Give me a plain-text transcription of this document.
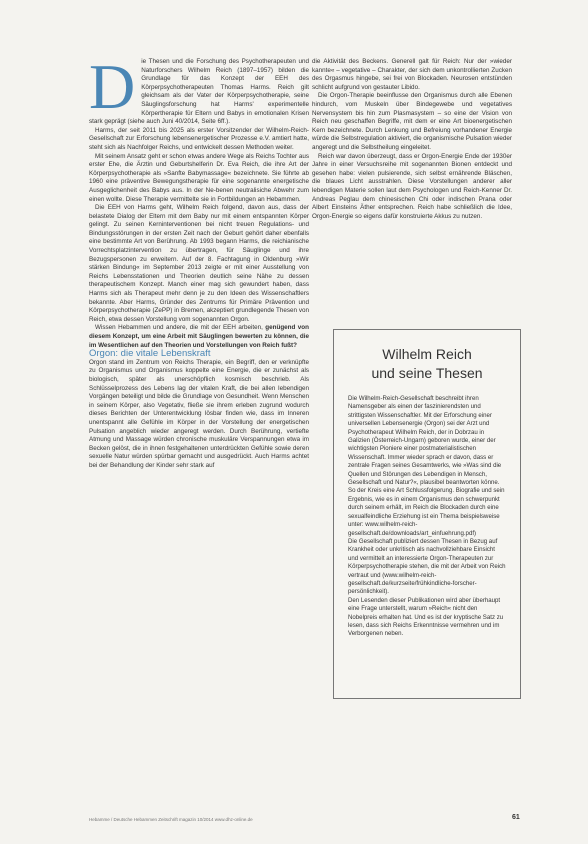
D ie Thesen und die Forschung des Psychotherapeuten und Naturforschers Wilhelm Reich (1897–1957) bilden die Grundlage für das Konzept der EEH des Körperpsychotherapeuten Thomas Harms. Reich gilt gleichsam als der Vater der Körperpsychotherapie, seine Säuglingsforschung hat Harms' experimentelle Körpertherapie für Eltern und Babys in emotionalen Krisen stark geprägt (siehe auch Juni 40/2014, Seite 6ff.).

Harms, der seit 2011 bis 2025 als erster Vorsitzender der Wilhelm-Reich-Gesellschaft zur Erforschung lebensenergetischer Prozesse e.V. amtiert hatte, steht sich als Nachfolger Reichs, und entwickelt dessen Methoden weiter.

Mit seinem Ansatz geht er schon etwas andere Wege als Reichs Tochter aus erster Ehe, die Ärztin und Geburtshelferin Dr. Eva Reich, die ihre Art der Körperpsychotherapie als »Sanfte Babymassage« bezeichnete. Sie führte ab 1960 eine präventive Bewegungstherapie für eine sogenannte energetische Ausgeglichenheit des Babys aus. In der Ne-benen neutralisiche Abwehr zum einen wollte. Diese Therapie vermittelte sie in Fortbildungen an Hebammen.

Die EEH von Harms geht, Wilhelm Reich folgend, davon aus, dass der belastete Dialog der Eltern mit dem Baby nur mit einem entspannten Körper gelingt. Zu seinen Kerninterventionen bei nicht treuen Regulations- und Bindungsstörungen in der ersten Zeit nach der Geburt gehört daher ebenfalls eine bestimmte Art von Berührung. Ab 1993 begann Harms, die reichianische Vorrechtsplatzintervention zu übertragen, für Säuglinge und ihre Bezugspersonen zu erweitern. Auf der 8. Fachtagung in Oldenburg »Wir stärken Bindung« im September 2013 zeigte er mit einer Ausstellung von Reichs Lebensstationen und Theorien deutlich seine Nähe zu dessen therapeutischem Konzept. Manch einer mag sich gewundert haben, dass Harms sich als Therapeut mehr denn je zu den Ideen des Wissenschaftlers bekannte. Aber Harms, Gründer des Zentrums für Primäre Prävention und Körperpsychotherapie (ZePP) in Bremen, akzeptiert grundlegende Thesen von Reich, etwa dessen Vorstellung vom sogenannten Orgon.

Wissen Hebammen und andere, die mit der EEH arbeiten, genügend von diesem Konzept, um eine Arbeit mit Säuglingen bewerten zu können, die im Wesentlichen auf den Theorien und Vorstellungen von Reich fußt?

Orgon: die vitale Lebenskraft

Orgon stand im Zentrum von Reichs Therapie, ein Begriff, den er verknüpfte zu Organismus und Organismus koppelte eine Energie, die er zunächst als biologisch, später als unerschöpflich kosmisch beschrieb. Als Schlüsselprozess des Lebens lag der vitalen Kraft, die bei allen lebendigen Vorgängen beteiligt und bilde die Grundlage von Gesundheit. Wenn Menschen in seinem Körper, also Vegetativ, fließe sie ihrem erleben zugrund wodurch dieses Berichten der Unterentwicklung lösbar finden wie, dass im Inneren unentspannt alle Gefühle im Körper in der Vorstellung der energetischen Pulsation angeblich wieder angeregt werden. Durch Berührung, vertiefte Atmung und Massage würden chronische muskuläre Verspannungen etwa im Becken gelöst, die in ihnen festgehaltenen unterdrückten Gefühle sowie deren sexuelle Natur würden spürbar gemacht und ausgedrückt. Auch Harms achtet bei der Behandlung der Kinder sehr stark auf

die Aktivität des Beckens. Generell galt für Reich: Nur der »wieder kannte« – vegetative – Charakter, der sich dem unkontrollierten Zucken des Orgasmus hingebe, sei frei von Blockaden. Neurosen entstünden schlicht aufgrund von gestauter Libido.

Die Orgon-Therapie beeinflusse den Organismus durch alle Ebenen hindurch, vom Muskeln über Bindegewebe und vegetatives Nervensystem bis hin zum Plasmasystem – so eine der Vision von Reich neu geschaffen Begriffe, mit dem er eine Art bioenergetischen Kern bezeichnete. Durch Lenkung und Befreiung vorhandener Energie würde die Selbstregulation aktiviert, die organismische Pulsation wieder angeregt und die Selbstheilung eingeleitet.

Reich war davon überzeugt, dass er Orgon-Energie Ende der 1930er Jahre in einer Versuchsreihe mit sogenannten Bionen entdeckt und gesehen habe: vielen pulsierende, sich selbst ernährende Bläschen, die blaues Licht ausstrahlen. Diese Vorstellungen anderer aller lebendigen Materie sollen laut dem Psychologen und Reich-Kenner Dr. Andreas Peglau dem chinesischen Chi oder indischen Prana oder Albert Einsteins Äther entsprechen. Reich habe schließlich die Idee, Orgon-Energie so eigens dafür konstruierte Akkus zu nutzen.

Wilhelm Reich
und seine Thesen

Die Wilhelm-Reich-Gesellschaft beschreibt ihren Namensgeber als einen der faszinierendsten und strittigsten Wissenschaftler. Mit der Erforschung einer universellen Lebensenergie (Orgon) sei der Arzt und Psychotherapeut Wilhelm Reich, der in Dobrzau in Galizien (Österreich-Ungarn) geboren wurde, einer der wichtigsten Pioniere einer postmaterialistischen Wissenschaft. Immer wieder sprach er davon, dass er zentrale Fragen seines Gesamtwerks, wie »Was sind die Quellen und Störungen des Lebendigen in Mensch, Gesellschaft und Natur?«, plausibel beantworten könne. So der Kreis eine Art Schlussfolgerung. Biografie und sein Ergebnis, wie es in einem Organismus den schwerpunkt durch seinem erhält, im Reich die Blockaden durch eine sexualfeindliche Erziehung ist ein Thema beispielsweise unter: www.wilhelm-reich-gesellschaft.de/downloads/art_einfuehrung.pdf)

Die Gesellschaft publiziert dessen Thesen in Bezug auf Krankheit oder unkritisch als nachvollziehbare Einsicht und vermittelt an interessierte Orgon-Therapeuten zur Körperpsychotherapie stehen, die mit der Arbeit von Reich vertraut und (www.wilhelm-reich-gesellschaft.de/kurzseite/frühkindliche-forscher-persönlichkeit).

Den Lesenden dieser Publikationen wird aber überhaupt eine Frage unterstellt, warum »Reich« nicht den Nobelpreis erhalten hat. Und es ist der kryptische Satz zu lesen, dass sich Reichs Erkenntnisse vermehren und im Verborgenen neben.

Hebamme / Deutsche Hebammen Zeitschrift magazin 10/2014 www.dhz-online.de	61
